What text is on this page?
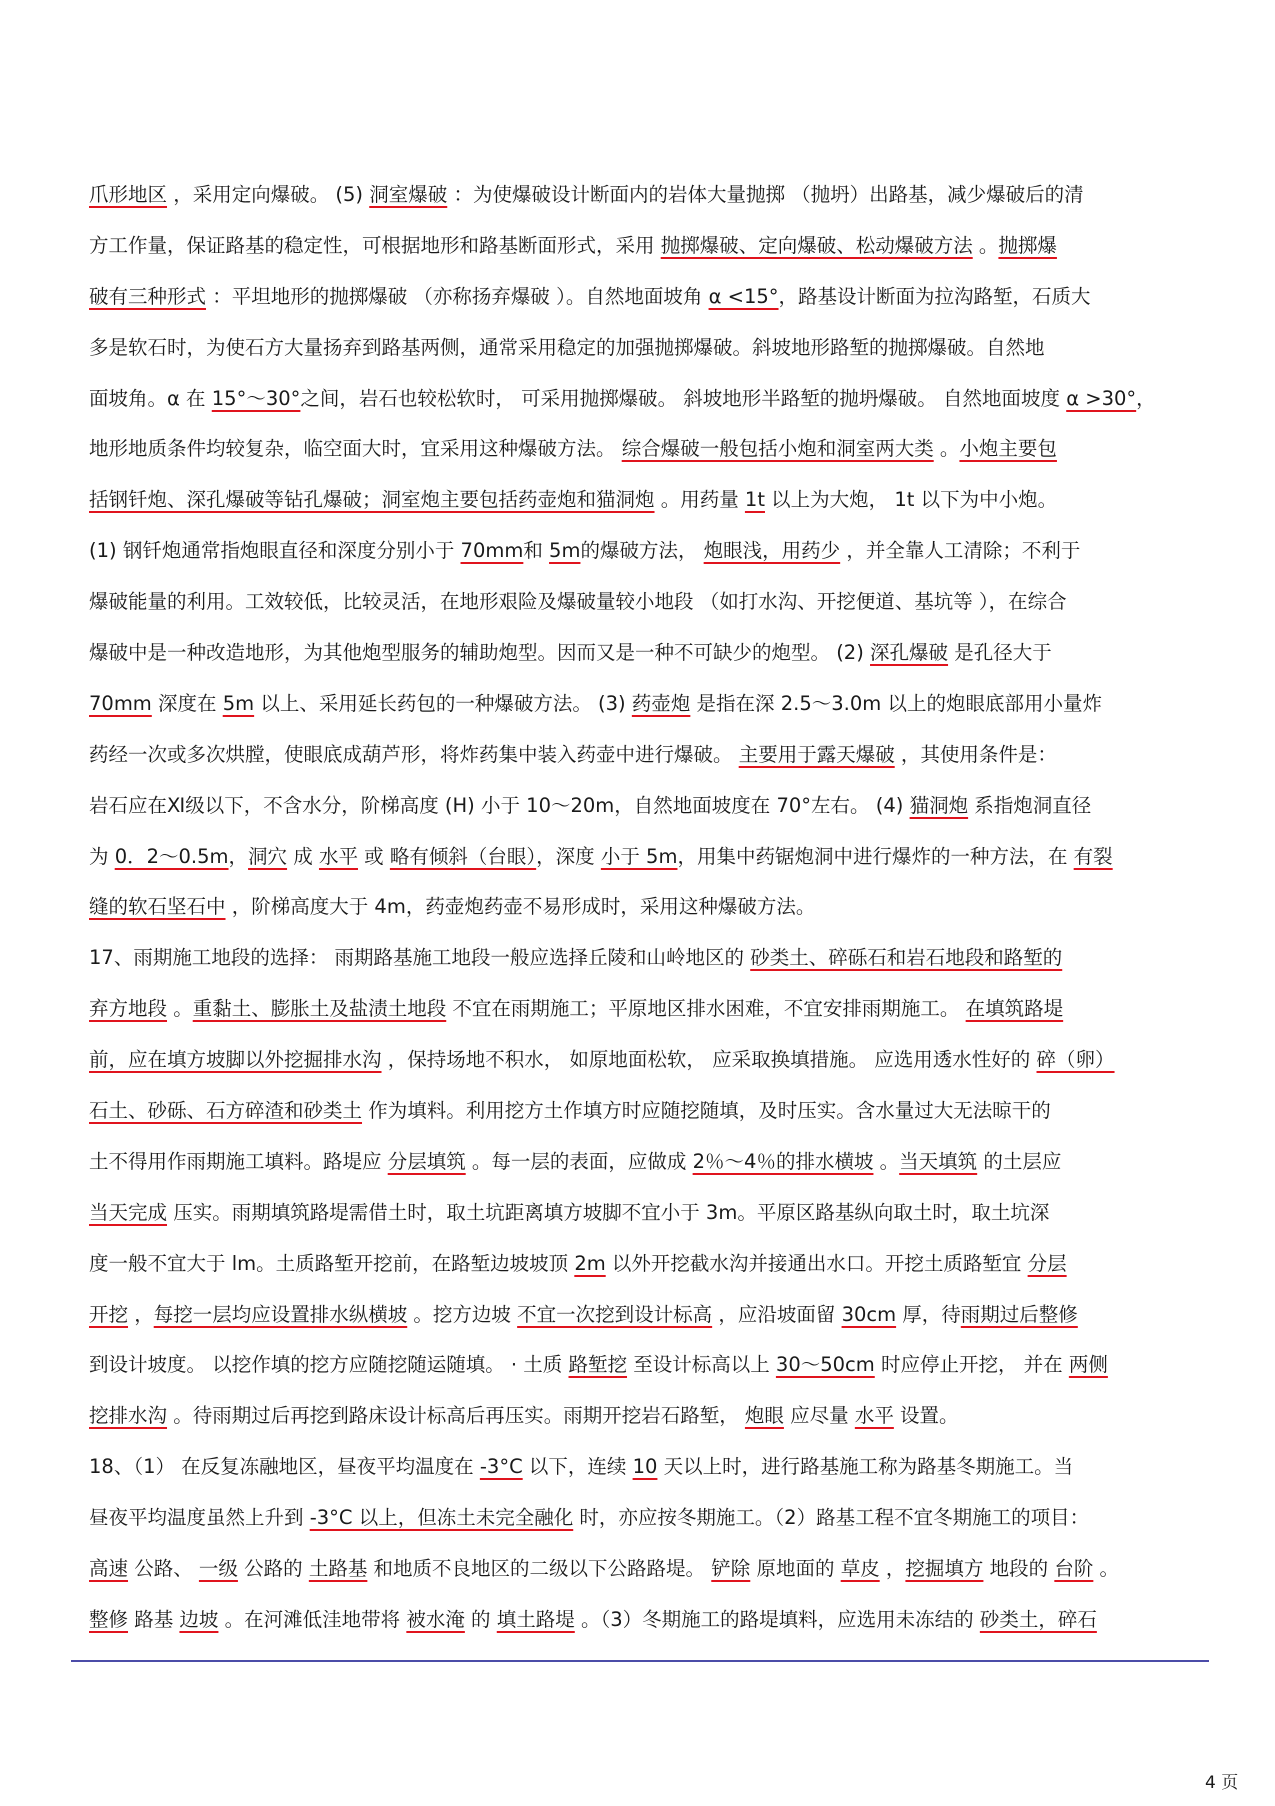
爪形地区 ，采用定向爆破。 (5) 洞室爆破 ：为使爆破设计断面内的岩体大量抛掷 （抛坍）出路基，减少爆破后的清
方工作量，保证路基的稳定性，可根据地形和路基断面形式，采用 抛掷爆破、定向爆破、松动爆破方法 。抛掷爆
破有三种形式 ：平坦地形的抛掷爆破 （亦称扬弃爆破 ）。自然地面坡角 α <15°，路基设计断面为拉沟路堑，石质大
多是软石时，为使石方大量扬弃到路基两侧，通常采用稳定的加强抛掷爆破。斜坡地形路堑的抛掷爆破。自然地
面坡角。α 在 15°～30°之间，岩石也较松软时， 可采用抛掷爆破。 斜坡地形半路堑的抛坍爆破。 自然地面坡度 α >30°，
地形地质条件均较复杂，临空面大时，宜采用这种爆破方法。 综合爆破一般包括小炮和洞室两大类 。小炮主要包
括钢钎炮、深孔爆破等钻孔爆破；洞室炮主要包括药壶炮和猫洞炮 。用药量 1t 以上为大炮， 1t 以下为中小炮。
(1) 钢钎炮通常指炮眼直径和深度分别小于 70mm和 5m的爆破方法， 炮眼浅，用药少 ，并全靠人工清除；不利于
爆破能量的利用。工效较低，比较灵活，在地形艰险及爆破量较小地段 （如打水沟、开挖便道、基坑等 ），在综合
爆破中是一种改造地形，为其他炮型服务的辅助炮型。因而又是一种不可缺少的炮型。 (2) 深孔爆破 是孔径大于
70mm 深度在 5m 以上、采用延长药包的一种爆破方法。 (3) 药壶炮 是指在深 2.5～3.0m 以上的炮眼底部用小量炸
药经一次或多次烘膛，使眼底成葫芦形，将炸药集中装入药壶中进行爆破。 主要用于露天爆破 ，其使用条件是：
岩石应在Ⅺ级以下，不含水分，阶梯高度 (H) 小于 10～20m，自然地面坡度在 70°左右。 (4) 猫洞炮 系指炮洞直径
为 0．2～0.5m，洞穴 成 水平 或 略有倾斜（台眼），深度 小于 5m，用集中药锯炮洞中进行爆炸的一种方法，在 有裂
缝的软石坚石中 ，阶梯高度大于 4m，药壶炮药壶不易形成时，采用这种爆破方法。
17、雨期施工地段的选择： 雨期路基施工地段一般应选择丘陵和山岭地区的 砂类土、碎砾石和岩石地段和路堑的
弃方地段 。重黏土、膨胀土及盐渍土地段 不宜在雨期施工；平原地区排水困难，不宜安排雨期施工。 在填筑路堤
前，应在填方坡脚以外挖掘排水沟 ，保持场地不积水， 如原地面松软， 应采取换填措施。 应选用透水性好的 碎（卵）
石土、砂砾、石方碎渣和砂类土 作为填料。利用挖方土作填方时应随挖随填，及时压实。含水量过大无法晾干的
土不得用作雨期施工填料。路堤应 分层填筑 。每一层的表面，应做成 2％～4％的排水横坡 。当天填筑 的土层应
当天完成 压实。雨期填筑路堤需借土时，取土坑距离填方坡脚不宜小于 3m。平原区路基纵向取土时，取土坑深
度一般不宜大于 lm。土质路堑开挖前，在路堑边坡坡顶 2m 以外开挖截水沟并接通出水口。开挖土质路堑宜 分层
开挖 ，每挖一层均应设置排水纵横坡 。挖方边坡 不宜一次挖到设计标高 ，应沿坡面留 30cm 厚，待雨期过后整修
到设计坡度。 以挖作填的挖方应随挖随运随填。 · 土质 路堑挖 至设计标高以上 30～50cm 时应停止开挖， 并在 两侧
挖排水沟 。待雨期过后再挖到路床设计标高后再压实。雨期开挖岩石路堑， 炮眼 应尽量 水平 设置。
18、（1） 在反复冻融地区，昼夜平均温度在 -3°C 以下，连续 10 天以上时，进行路基施工称为路基冬期施工。当
昼夜平均温度虽然上升到 -3°C 以上，但冻土未完全融化 时，亦应按冬期施工。（2）路基工程不宜冬期施工的项目：
高速 公路、 一级 公路的 土路基 和地质不良地区的二级以下公路路堤。 铲除 原地面的 草皮 ，挖掘填方 地段的 台阶 。
整修 路基 边坡 。在河滩低洼地带将 被水淹 的 填土路堤 。（3）冬期施工的路堤填料，应选用未冻结的 砂类土，碎石
4 页
